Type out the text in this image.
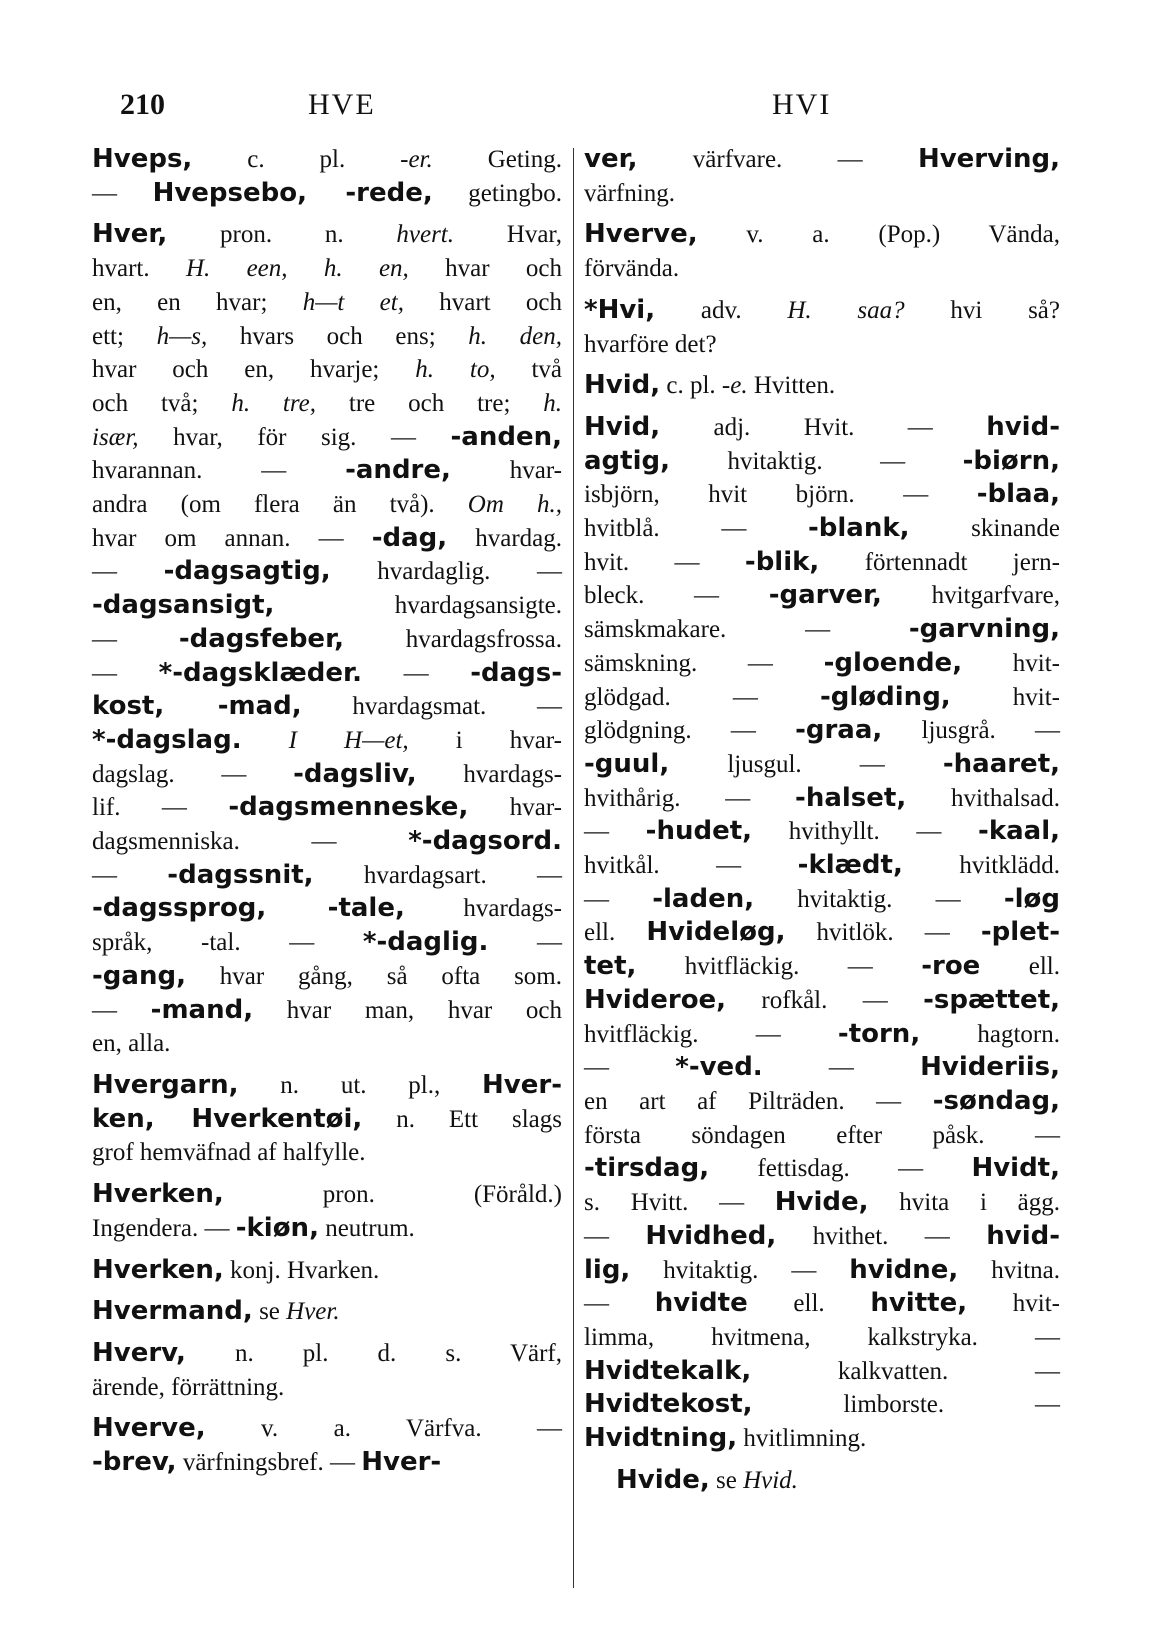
210	HVE	HVI
Hveps, c. pl. -er. Geting.
— Hvepsebo, -rede, getingbo.
Hver, pron. n. hvert. Hvar,
hvart. H. een, h. en, hvar och
en, en hvar; h—t et, hvart och
ett; h—s, hvars och ens; h. den,
hvar och en, hvarje; h. to, två
och två; h. tre, tre och tre; h.
især, hvar, för sig. — -anden,
hvarannan. — -andre, hvar-
andra (om flera än två). Om h.,
hvar om annan. — -dag, hvardag.
— -dagsagtig, hvardaglig. —
-dagsansigt, hvardagsansigte.
— -dagsfeber, hvardagsfrossa.
— *-dagsklæder. — -dags-
kost, -mad, hvardagsmat. —
*-dagslag. I H—et, i hvar-
dagslag. — -dagsliv, hvardags-
lif. — -dagsmenneske, hvar-
dagsmenniska. — *-dagsord.
— -dagssnit, hvardagsart. —
-dagssprog, -tale, hvardags-
språk, -tal. — *-daglig. —
-gang, hvar gång, så ofta som.
— -mand, hvar man, hvar och
en, alla.
Hvergarn, n. ut. pl., Hver-
ken, Hverkentøi, n. Ett slags
grof hemväfnad af halfylle.
Hverken, pron. (Föråld.)
Ingendera. — -kiøn, neutrum.
Hverken, konj. Hvarken.
Hvermand, se Hver.
Hverv, n. pl. d. s. Värf,
ärende, förrättning.
Hverve, v. a. Värfva. —
-brev, värfningsbref. — Hver-
ver, värfvare. — Hverving,
värfning.
Hverve, v. a. (Pop.) Vända,
förvända.
*Hvi, adv. H. saa? hvi så?
hvarföre det?
Hvid, c. pl. -e. Hvitten.
Hvid, adj. Hvit. — hvid-
agtig, hvitaktig. — -biørn,
isbjörn, hvit björn. — -blaa,
hvitblå. — -blank, skinande
hvit. — -blik, förtennadt jern-
bleck. — -garver, hvitgarfvare,
sämskmakare. — -garvning,
sämskning. — -gloende, hvit-
glödgad. — -gløding, hvit-
glödgning. — -graa, ljusgrå. —
-guul, ljusgul. — -haaret,
hvithårig. — -halset, hvithalsad.
— -hudet, hvithyllt. — -kaal,
hvitkål. — -klædt, hvitklädd.
— -laden, hvitaktig. — -løg
ell. Hvideløg, hvitlök. — -plet-
tet, hvitfläckig. — -roe ell.
Hvideroe, rofkål. — -spættet,
hvitfläckig. — -torn, hagtorn.
— *-ved. — Hvideriis,
en art af Pilträden. — -søndag,
första söndagen efter påsk. —
-tirsdag, fettisdag. — Hvidt,
s. Hvitt. — Hvide, hvita i ägg.
— Hvidhed, hvithet. — hvid-
lig, hvitaktig. — hvidne, hvitna.
— hvidte ell. hvitte, hvit-
limma, hvitmena, kalkstryka. —
Hvidtekalk, kalkvatten. —
Hvidtekost, limborste. —
Hvidtning, hvitlimning.
Hvide, se Hvid.
